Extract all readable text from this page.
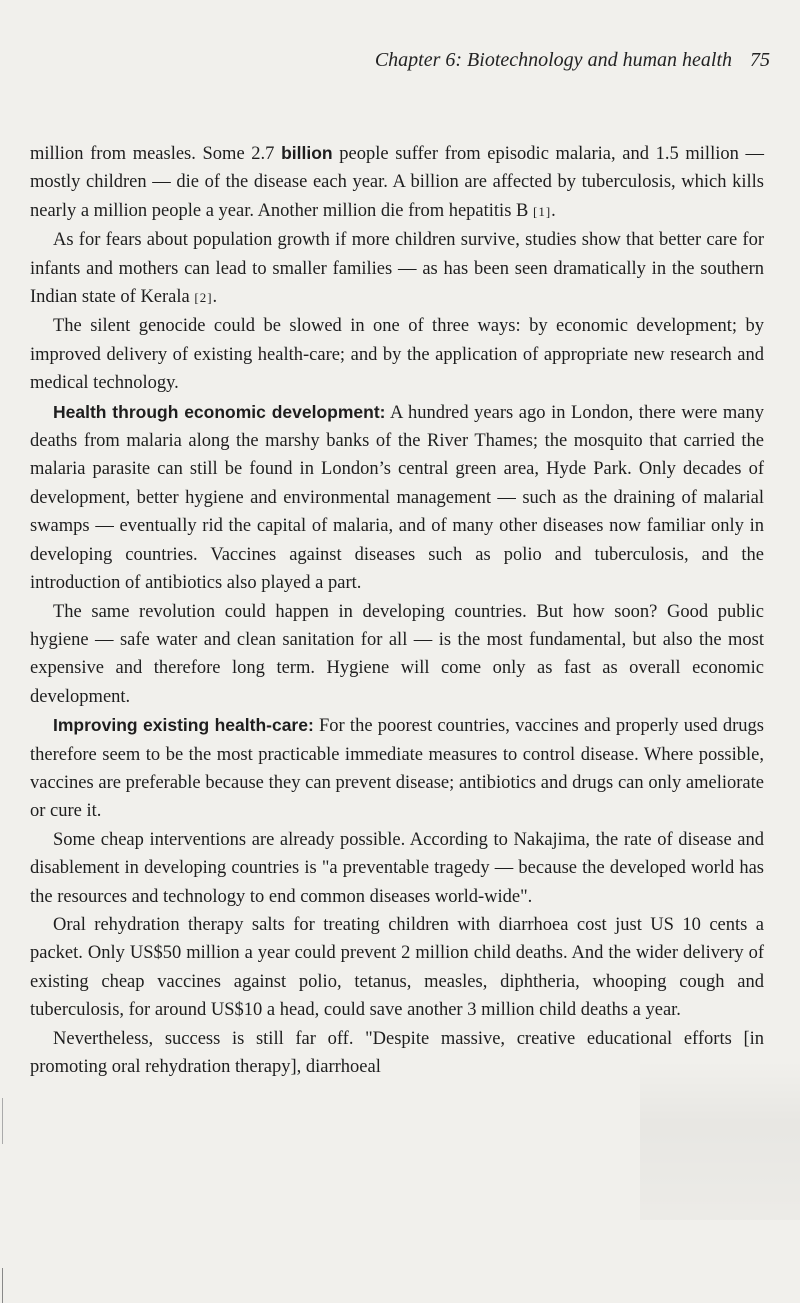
Chapter 6: Biotechnology and human health 75

million from measles. Some 2.7 billion people suffer from episodic malaria, and 1.5 million — mostly children — die of the disease each year. A billion are affected by tuberculosis, which kills nearly a million people a year. Another million die from hepatitis B [1].

As for fears about population growth if more children survive, studies show that better care for infants and mothers can lead to smaller families — as has been seen dramatically in the southern Indian state of Kerala [2].

The silent genocide could be slowed in one of three ways: by economic development; by improved delivery of existing health-care; and by the application of appropriate new research and medical technology.

Health through economic development: A hundred years ago in London, there were many deaths from malaria along the marshy banks of the River Thames; the mosquito that carried the malaria parasite can still be found in London’s central green area, Hyde Park. Only decades of development, better hygiene and environmental management — such as the draining of malarial swamps — eventually rid the capital of malaria, and of many other diseases now familiar only in developing countries. Vaccines against diseases such as polio and tuberculosis, and the introduction of antibiotics also played a part.

The same revolution could happen in developing countries. But how soon? Good public hygiene — safe water and clean sanitation for all — is the most fundamental, but also the most expensive and therefore long term. Hygiene will come only as fast as overall economic development.

Improving existing health-care: For the poorest countries, vaccines and properly used drugs therefore seem to be the most practicable immediate measures to control disease. Where possible, vaccines are preferable because they can prevent disease; antibiotics and drugs can only ameliorate or cure it.

Some cheap interventions are already possible. According to Nakajima, the rate of disease and disablement in developing countries is "a preventable tragedy — because the developed world has the resources and technology to end common diseases world-wide".

Oral rehydration therapy salts for treating children with diarrhoea cost just US 10 cents a packet. Only US$50 million a year could prevent 2 million child deaths. And the wider delivery of existing cheap vaccines against polio, tetanus, measles, diphtheria, whooping cough and tuberculosis, for around US$10 a head, could save another 3 million child deaths a year.

Nevertheless, success is still far off. "Despite massive, creative educational efforts [in promoting oral rehydration therapy], diarrhoeal
